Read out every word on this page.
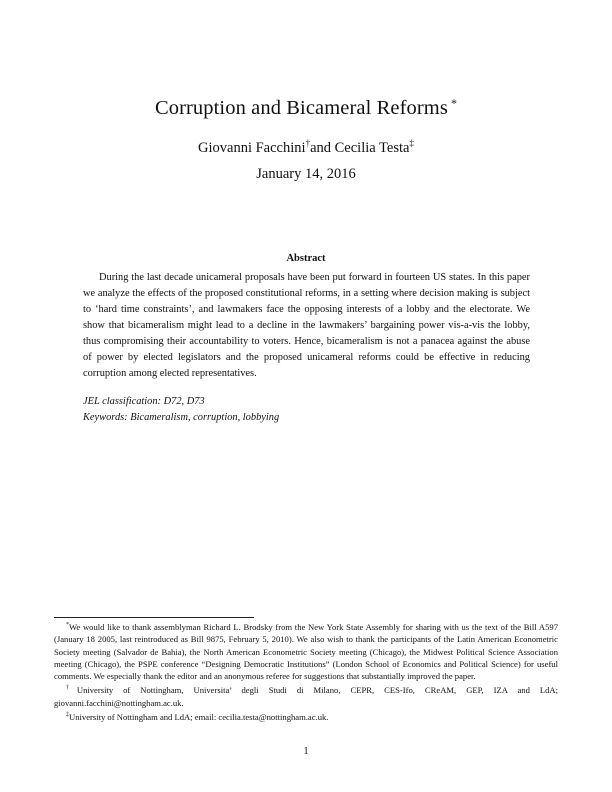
Corruption and Bicameral Reforms *
Giovanni Facchini†and Cecilia Testa‡
January 14, 2016
Abstract
During the last decade unicameral proposals have been put forward in fourteen US states. In this paper we analyze the effects of the proposed constitutional reforms, in a setting where decision making is subject to ‘hard time constraints’, and lawmakers face the opposing interests of a lobby and the electorate. We show that bicameralism might lead to a decline in the lawmakers’ bargaining power vis-a-vis the lobby, thus compromising their accountability to voters. Hence, bicameralism is not a panacea against the abuse of power by elected legislators and the proposed unicameral reforms could be effective in reducing corruption among elected representatives.
JEL classification: D72, D73
Keywords: Bicameralism, corruption, lobbying
*We would like to thank assemblyman Richard L. Brodsky from the New York State Assembly for sharing with us the text of the Bill A597 (January 18 2005, last reintroduced as Bill 9875, February 5, 2010). We also wish to thank the participants of the Latin American Econometric Society meeting (Salvador de Bahia), the North American Econometric Society meeting (Chicago), the Midwest Political Science Association meeting (Chicago), the PSPE conference “Designing Democratic Institutions” (London School of Economics and Political Science) for useful comments. We especially thank the editor and an anonymous referee for suggestions that substantially improved the paper.
†University of Nottingham, Universita’ degli Studi di Milano, CEPR, CES-Ifo, CReAM, GEP, IZA and LdA; giovanni.facchini@nottingham.ac.uk.
‡University of Nottingham and LdA; email: cecilia.testa@nottingham.ac.uk.
1
